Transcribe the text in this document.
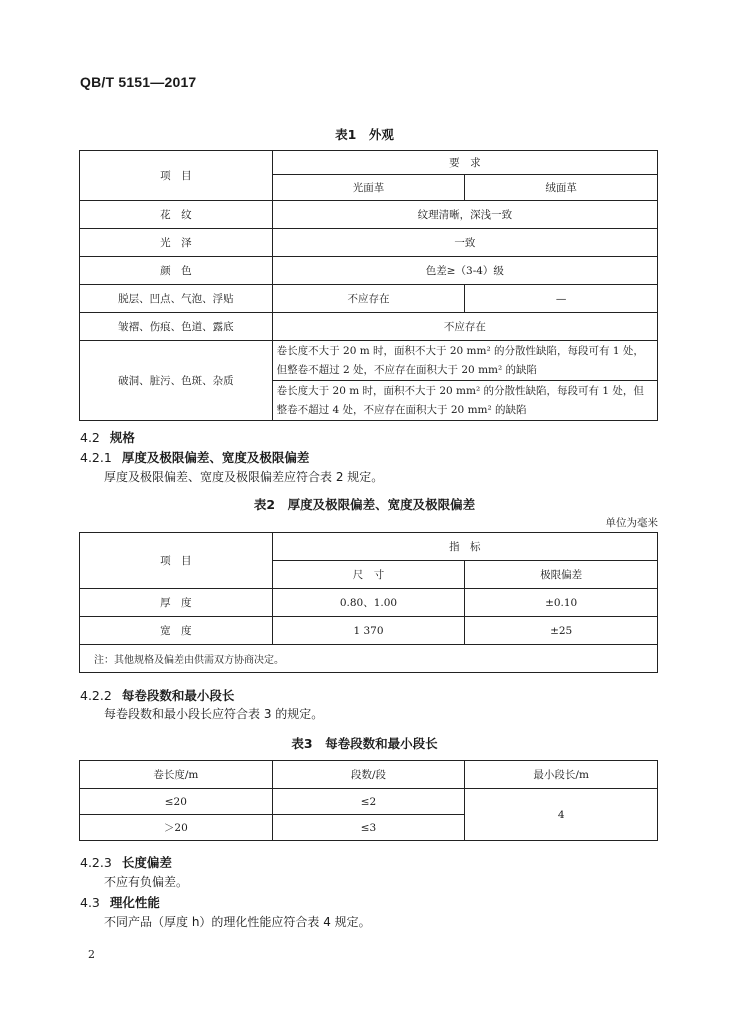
QB/T 5151—2017
表1　外观
项　目	要　求	
	光面革	绒面革
花　纹	纹理清晰，深浅一致	
光　泽	一致	
颜　色	色差≥（3-4）级	
脱层、凹点、气泡、浮贴	不应存在	—
皱褶、伤痕、色道、露底	不应存在	
破洞、脏污、色斑、杂质	卷长度不大于 20 m 时，面积不大于 20 mm² 的分散性缺陷，每段可有 1 处，
但整卷不超过 2 处，不应存在面积大于 20 mm² 的缺陷	

	卷长度大于 20 m 时，面积不大于 20 mm² 的分散性缺陷，每段可有 1 处，但
整卷不超过 4 处，不应存在面积大于 20 mm² 的缺陷	
4.2 规格
4.2.1 厚度及极限偏差、宽度及极限偏差
厚度及极限偏差、宽度及极限偏差应符合表 2 规定。
表2　厚度及极限偏差、宽度及极限偏差
单位为毫米
项　目	指　标	
	尺　寸	极限偏差
厚　度	0.80、1.00	±0.10
宽　度	1 370	±25
注：其他规格及偏差由供需双方协商决定。		
4.2.2 每卷段数和最小段长
每卷段数和最小段长应符合表 3 的规定。
表3　每卷段数和最小段长
卷长度/m	段数/段	最小段长/m
≤20	≤2	4
＞20	≤3	
4.2.3 长度偏差
不应有负偏差。
4.3 理化性能
不同产品（厚度 h）的理化性能应符合表 4 规定。
2
